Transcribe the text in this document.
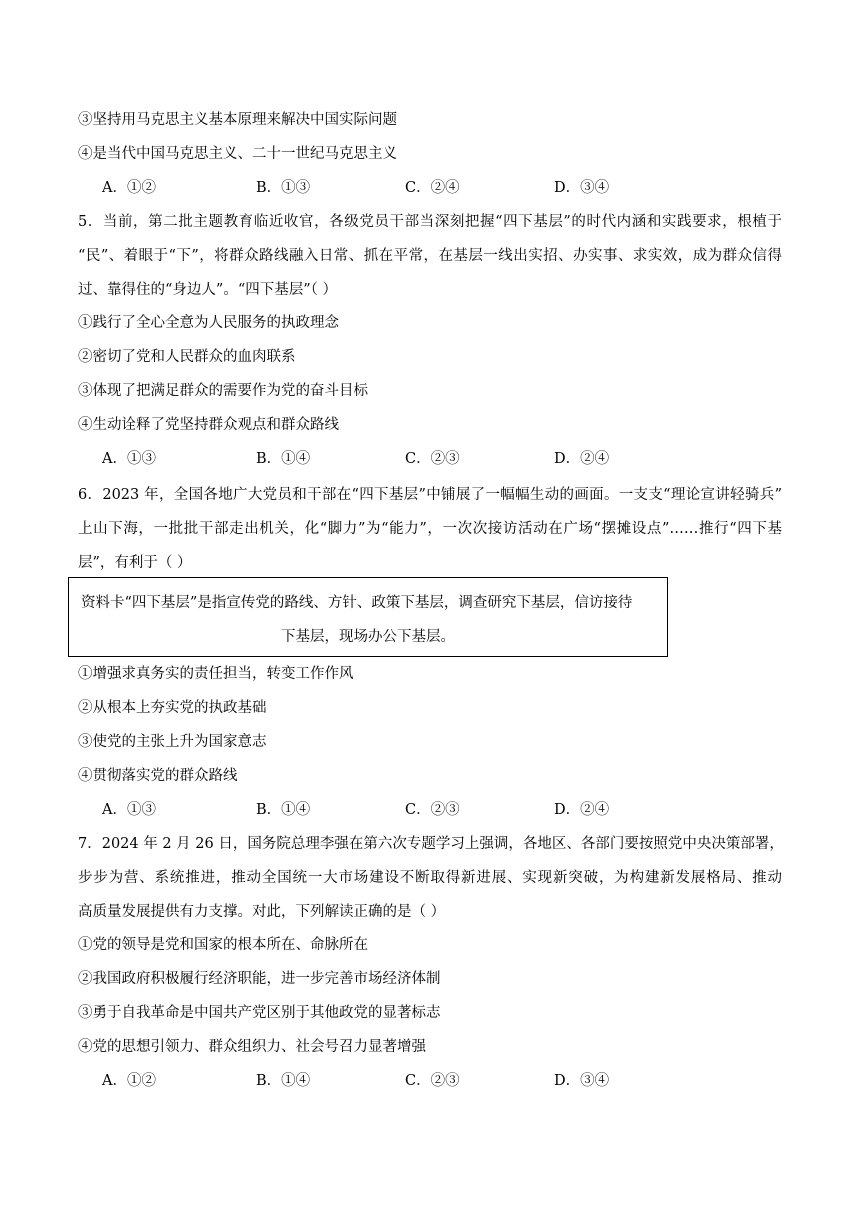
③坚持用马克思主义基本原理来解决中国实际问题
④是当代中国马克思主义、二十一世纪马克思主义
A．①②	B．①③	C．②④	D．③④
5．当前，第二批主题教育临近收官，各级党员干部当深刻把握“四下基层”的时代内涵和实践要求，根植于
“民”、着眼于“下”，将群众路线融入日常、抓在平常，在基层一线出实招、办实事、求实效，成为群众信得
过、靠得住的“身边人”。“四下基层”（ ）
①践行了全心全意为人民服务的执政理念
②密切了党和人民群众的血肉联系
③体现了把满足群众的需要作为党的奋斗目标
④生动诠释了党坚持群众观点和群众路线
A．①③	B．①④	C．②③	D．②④
6．2023 年，全国各地广大党员和干部在“四下基层”中铺展了一幅幅生动的画面。一支支“理论宣讲轻骑兵”
上山下海，一批批干部走出机关，化“脚力”为“能力”，一次次接访活动在广场“摆摊设点”……推行“四下基
层”，有利于（ ）
资料卡“四下基层”是指宣传党的路线、方针、政策下基层，调查研究下基层，信访接待
下基层，现场办公下基层。
①增强求真务实的责任担当，转变工作作风
②从根本上夯实党的执政基础
③使党的主张上升为国家意志
④贯彻落实党的群众路线
A．①③	B．①④	C．②③	D．②④
7．2024 年 2 月 26 日，国务院总理李强在第六次专题学习上强调，各地区、各部门要按照党中央决策部署，
步步为营、系统推进，推动全国统一大市场建设不断取得新进展、实现新突破，为构建新发展格局、推动
高质量发展提供有力支撑。对此，下列解读正确的是（ ）
①党的领导是党和国家的根本所在、命脉所在
②我国政府积极履行经济职能，进一步完善市场经济体制
③勇于自我革命是中国共产党区别于其他政党的显著标志
④党的思想引领力、群众组织力、社会号召力显著增强
A．①②	B．①④	C．②③	D．③④
